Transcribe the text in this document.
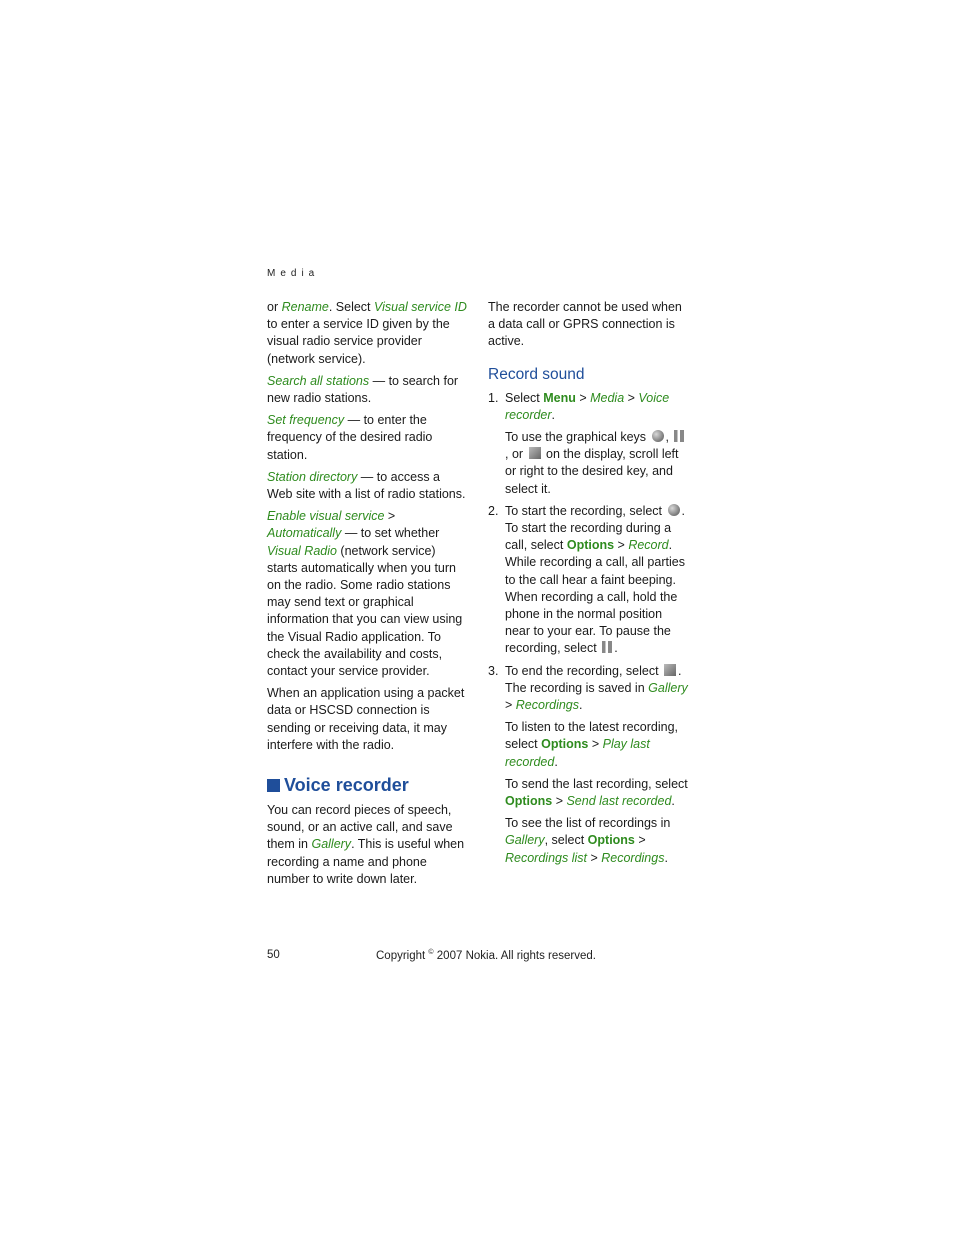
Media

or Rename. Select Visual service ID to enter a service ID given by the visual radio service provider (network service).

Search all stations — to search for new radio stations.

Set frequency — to enter the frequency of the desired radio station.

Station directory — to access a Web site with a list of radio stations.

Enable visual service > Automatically — to set whether Visual Radio (network service) starts automatically when you turn on the radio. Some radio stations may send text or graphical information that you can view using the Visual Radio application. To check the availability and costs, contact your service provider.

When an application using a packet data or HSCSD connection is sending or receiving data, it may interfere with the radio.

Voice recorder

You can record pieces of speech, sound, or an active call, and save them in Gallery. This is useful when recording a name and phone number to write down later.

The recorder cannot be used when a data call or GPRS connection is active.

Record sound
1. Select Menu > Media > Voice recorder.
To use the graphical keys , , or  on the display, scroll left or right to the desired key, and select it.
2. To start the recording, select . To start the recording during a call, select Options > Record. While recording a call, all parties to the call hear a faint beeping. When recording a call, hold the phone in the normal position near to your ear. To pause the recording, select .
3. To end the recording, select . The recording is saved in Gallery > Recordings.
To listen to the latest recording, select Options > Play last recorded.
To send the last recording, select Options > Send last recorded.
To see the list of recordings in Gallery, select Options > Recordings list > Recordings.
50	Copyright © 2007 Nokia. All rights reserved.
